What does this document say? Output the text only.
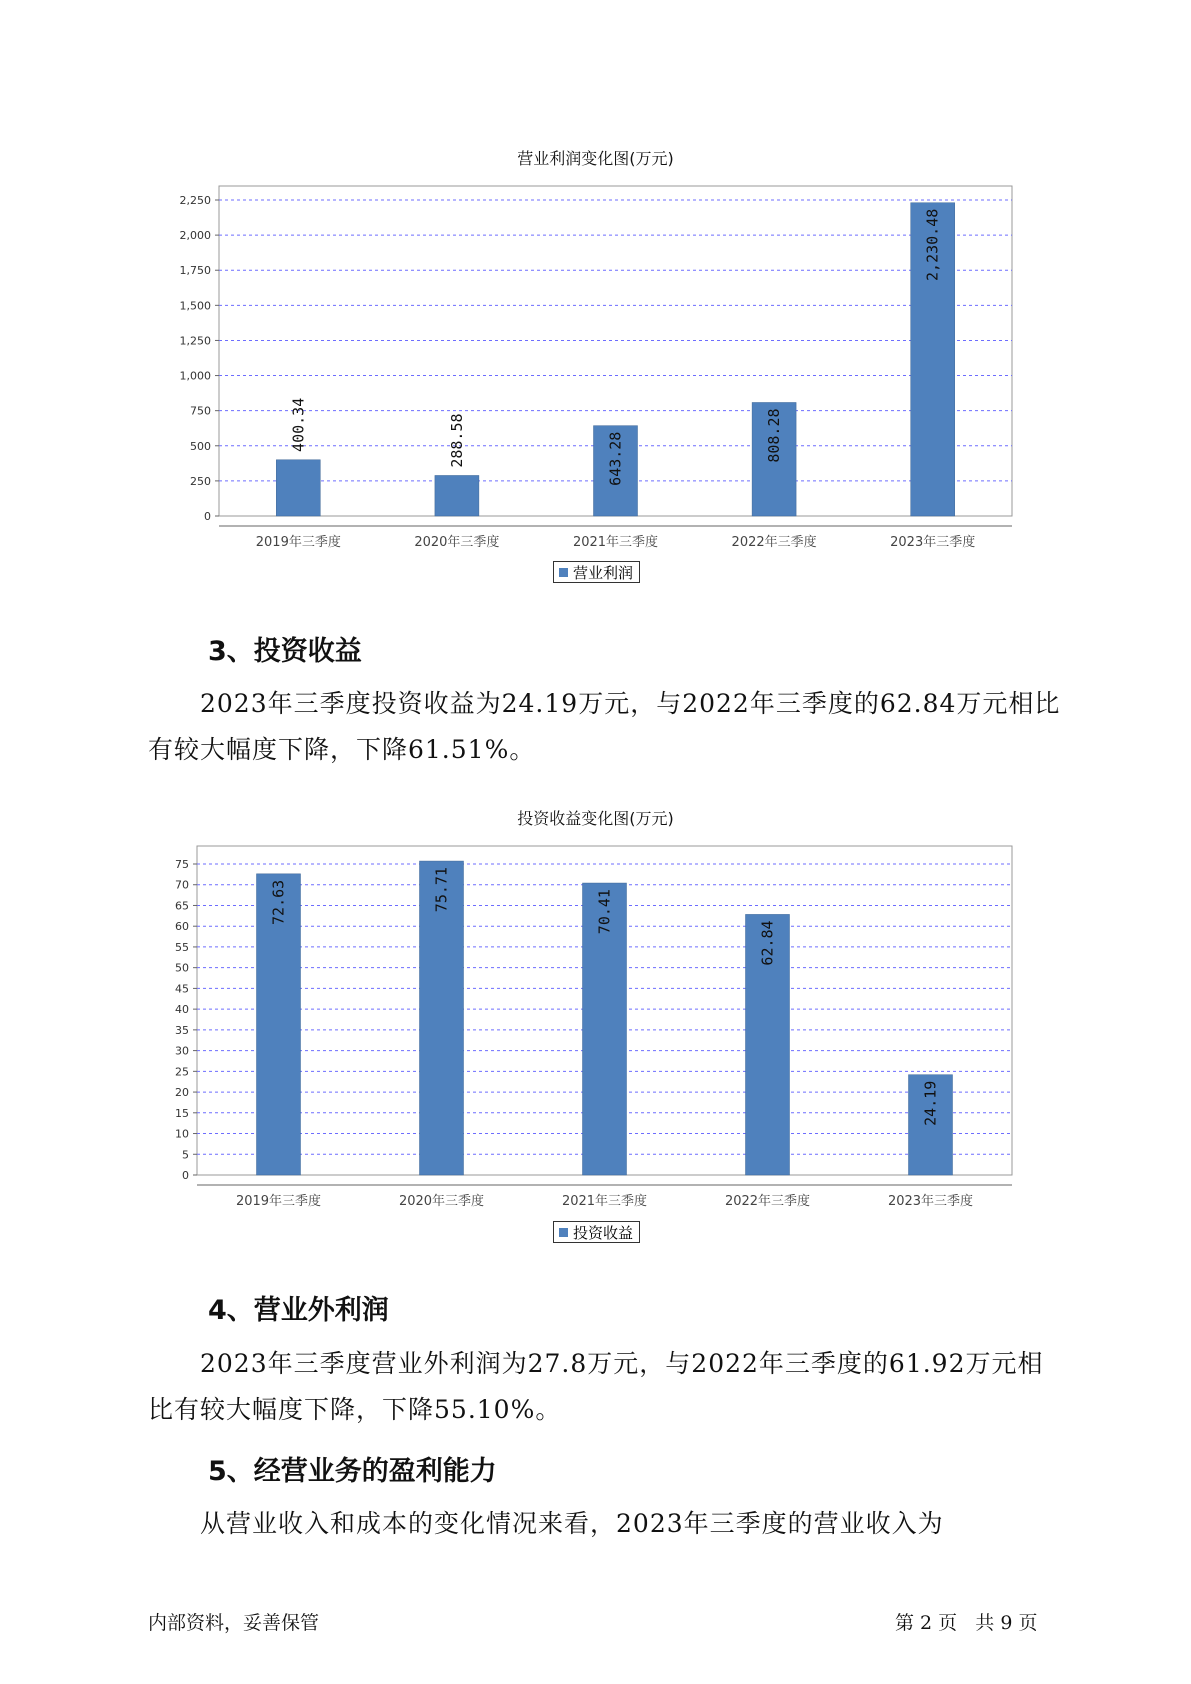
营业利润变化图(万元)
0
250
500
750
1,000
1,250
1,500
1,750
2,000
2,250
400.34
2019年三季度
288.58
2020年三季度
643.28
2021年三季度
808.28
2022年三季度
2,230.48
2023年三季度
营业利润
3、投资收益
2023年三季度投资收益为24.19万元，与2022年三季度的62.84万元相比有较大幅度下降，下降61.51%。
投资收益变化图(万元)
0
5
10
15
20
25
30
35
40
45
50
55
60
65
70
75
72.63
2019年三季度
75.71
2020年三季度
70.41
2021年三季度
62.84
2022年三季度
24.19
2023年三季度
投资收益
4、营业外利润
2023年三季度营业外利润为27.8万元，与2022年三季度的61.92万元相比有较大幅度下降，下降55.10%。
5、经营业务的盈利能力
从营业收入和成本的变化情况来看，2023年三季度的营业收入为
内部资料，妥善保管	第 2 页   共 9 页
